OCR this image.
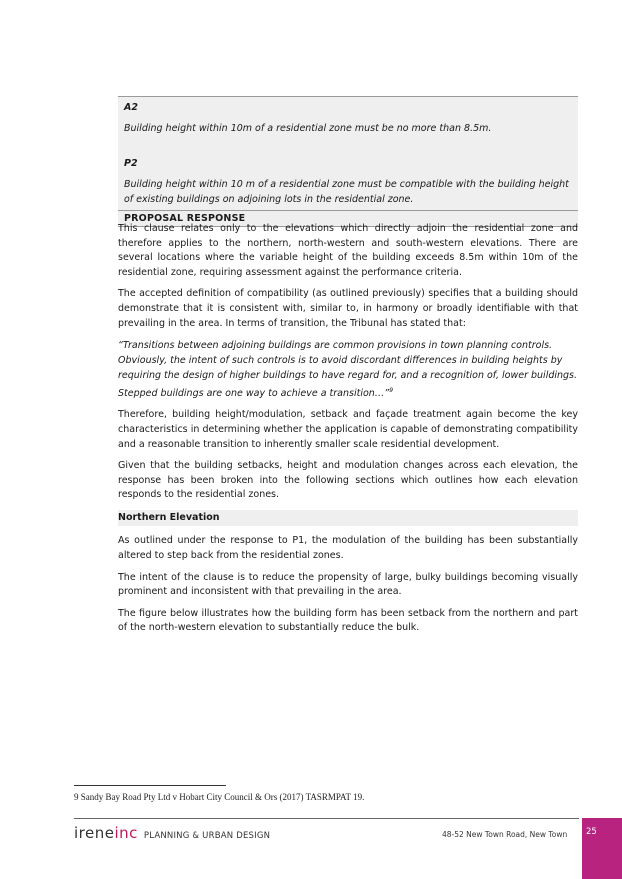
A2
Building height within 10m of a residential zone must be no more than 8.5m.
P2
Building height within 10 m of a residential zone must be compatible with the building height of existing buildings on adjoining lots in the residential zone.
PROPOSAL RESPONSE

This clause relates only to the elevations which directly adjoin the residential zone and therefore applies to the northern, north-western and south-western elevations. There are several locations where the variable height of the building exceeds 8.5m within 10m of the residential zone, requiring assessment against the performance criteria.

The accepted definition of compatibility (as outlined previously) specifies that a building should demonstrate that it is consistent with, similar to, in harmony or broadly identifiable with that prevailing in the area. In terms of transition, the Tribunal has stated that:

“Transitions between adjoining buildings are common provisions in town planning controls. Obviously, the intent of such controls is to avoid discordant differences in building heights by requiring the design of higher buildings to have regard for, and a recognition of, lower buildings. Stepped buildings are one way to achieve a transition…”$^9$

Therefore, building height/modulation, setback and façade treatment again become the key characteristics in determining whether the application is capable of demonstrating compatibility and a reasonable transition to inherently smaller scale residential development.

Given that the building setbacks, height and modulation changes across each elevation, the response has been broken into the following sections which outlines how each elevation responds to the residential zones.

Northern Elevation

As outlined under the response to P1, the modulation of the building has been substantially altered to step back from the residential zones.

The intent of the clause is to reduce the propensity of large, bulky buildings becoming visually prominent and inconsistent with that prevailing in the area.

The figure below illustrates how the building form has been setback from the northern and part of the north-western elevation to substantially reduce the bulk.

9 Sandy Bay Road Pty Ltd v Hobart City Council & Ors (2017) TASRMPAT 19.
ireneinc PLANNING & URBAN DESIGN	48-52 New Town Road, New Town 25
